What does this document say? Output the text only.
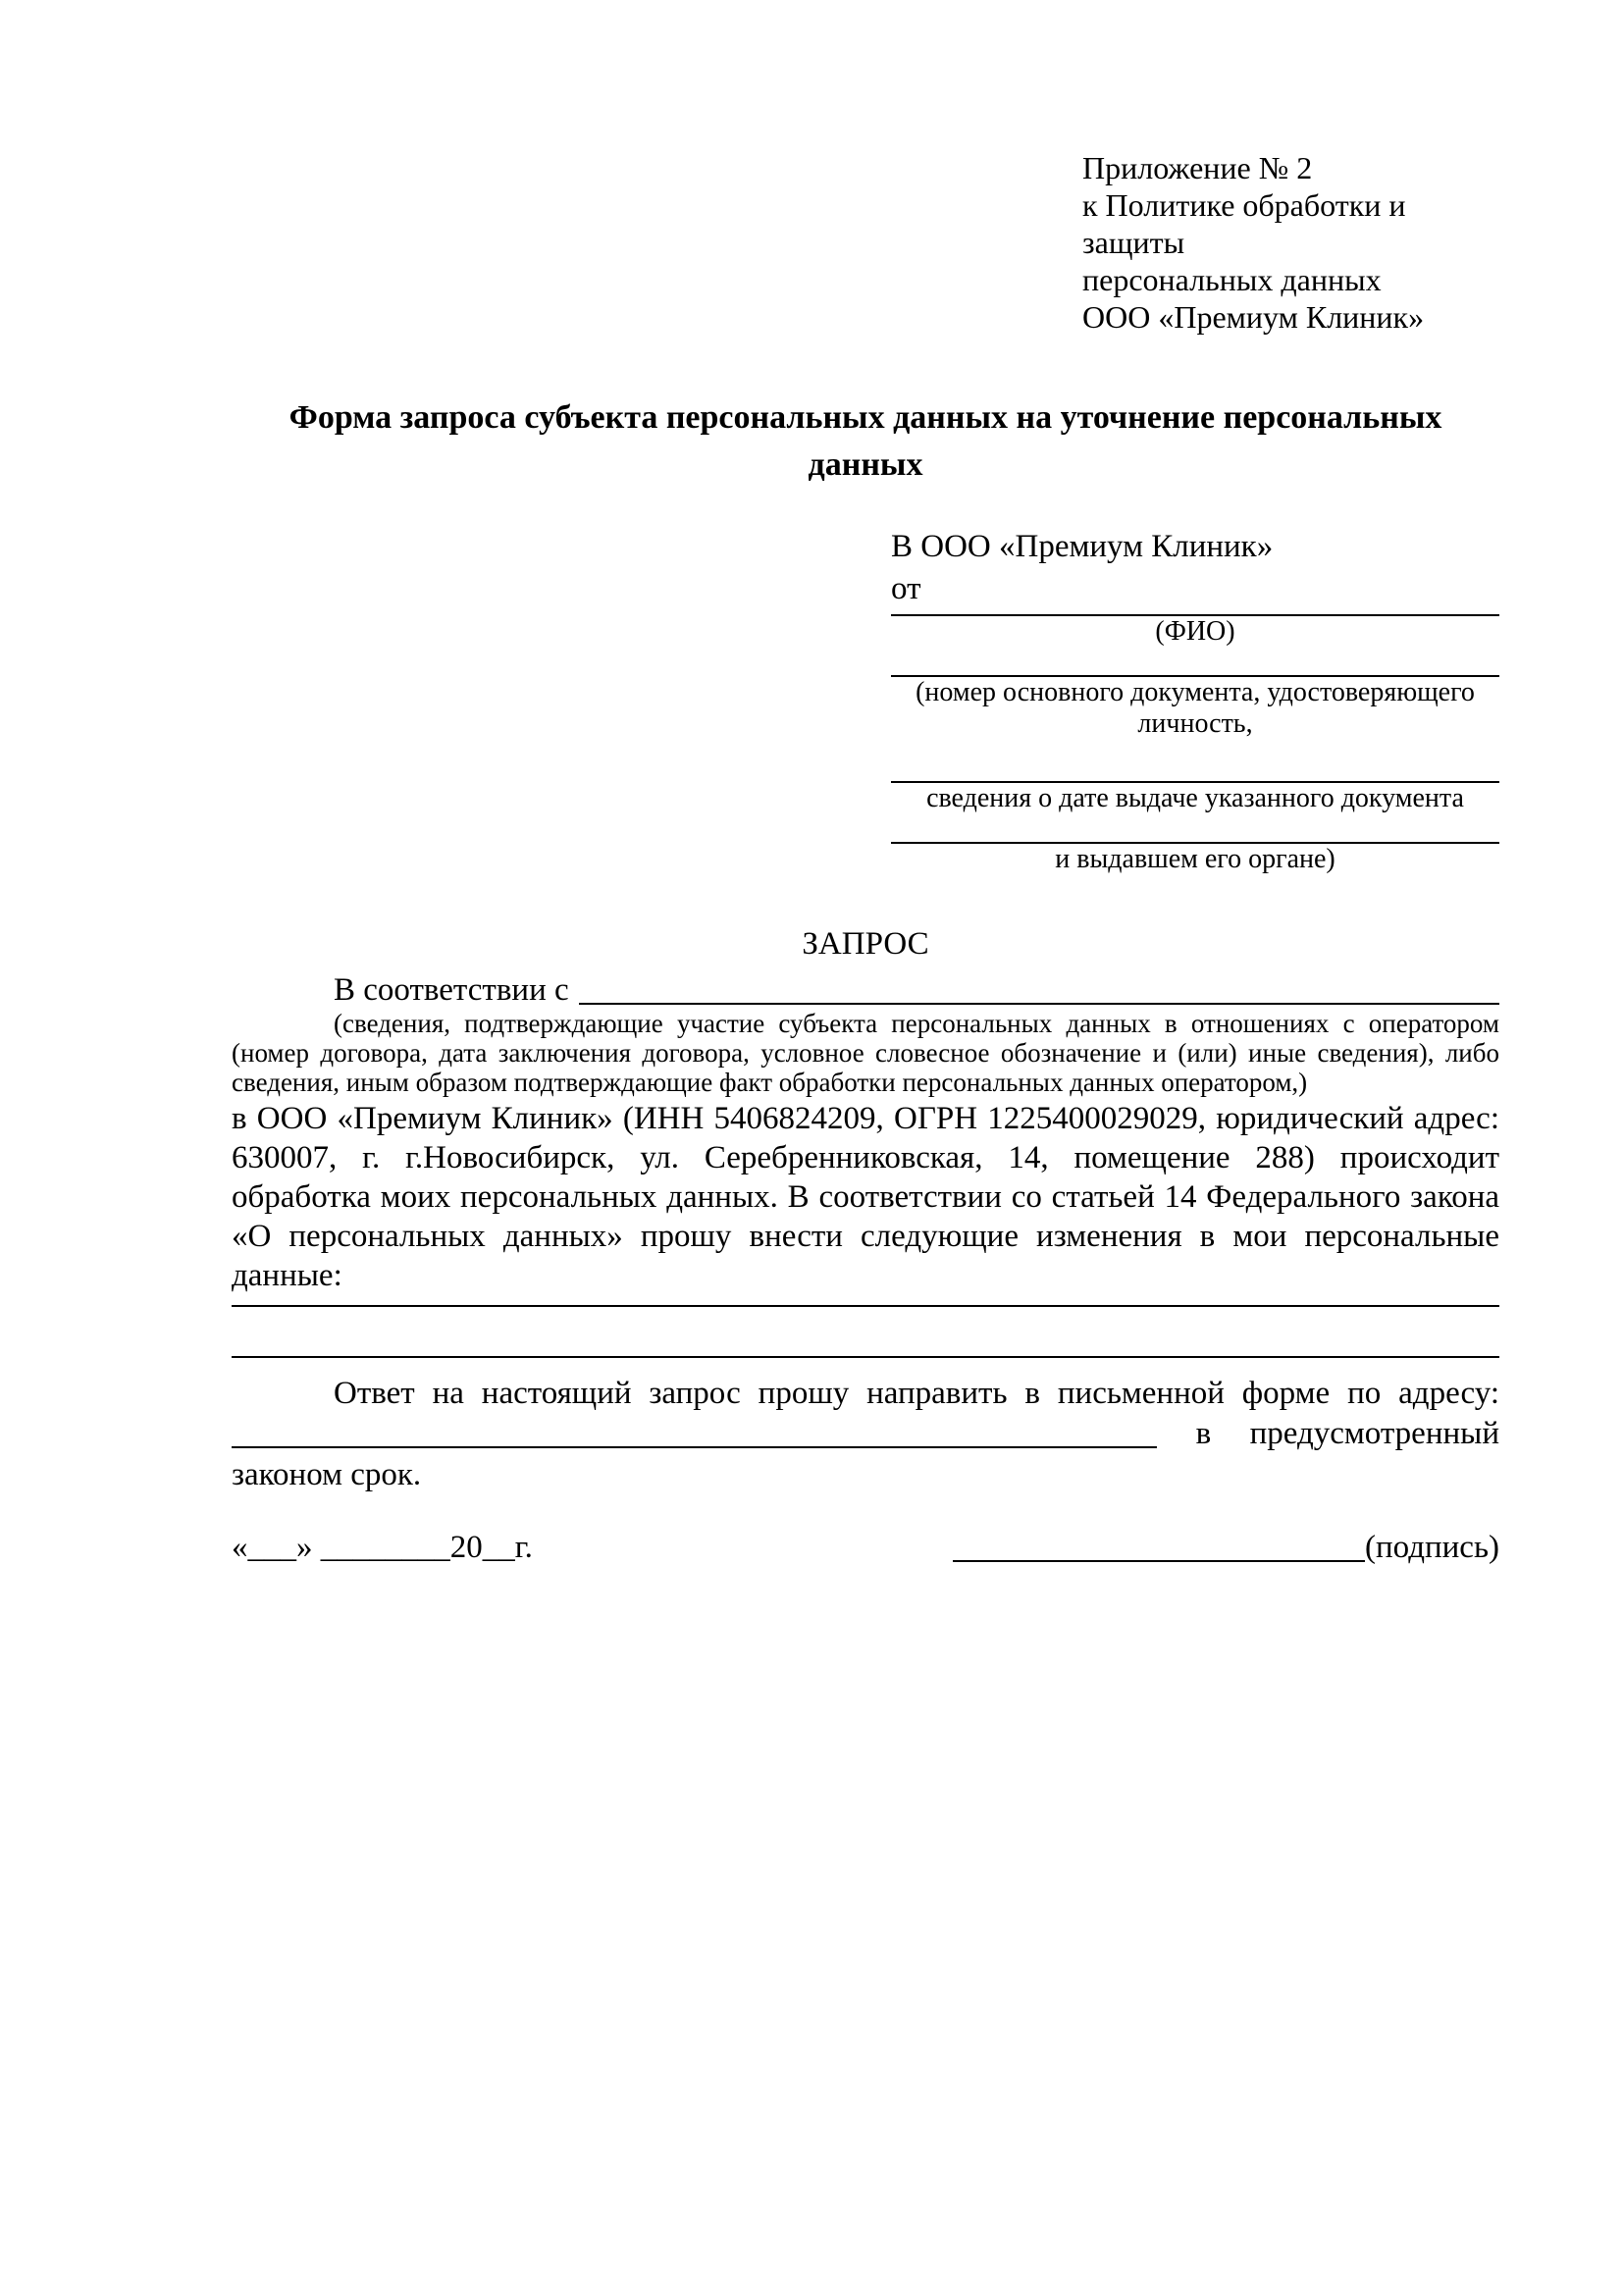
Приложение № 2
к Политике обработки и защиты
персональных данных
ООО «Премиум Клиник»
Форма запроса субъекта персональных данных на уточнение персональных данных
В ООО «Премиум Клиник»
от
(ФИО)
(номер основного документа, удостоверяющего личность,
сведения о дате выдаче указанного документа
и выдавшем его органе)
ЗАПРОС
В соответствии с
(сведения, подтверждающие участие субъекта персональных данных в отношениях с оператором (номер договора, дата заключения договора, условное словесное обозначение и (или) иные сведения), либо сведения, иным образом подтверждающие факт обработки персональных данных оператором,)

в ООО «Премиум Клиник» (ИНН 5406824209, ОГРН 1225400029029, юридический адрес: 630007, г. г.Новосибирск, ул. Серебренниковская, 14, помещение 288) происходит обработка моих персональных данных. В соответствии со статьей 14 Федерального закона «О персональных данных» прошу внести следующие изменения в мои персональные данные:

Ответ на настоящий запрос прошу направить в письменной форме по адресу:

в предусмотренный

законом срок.

«___» ________20__г.	(подпись)
